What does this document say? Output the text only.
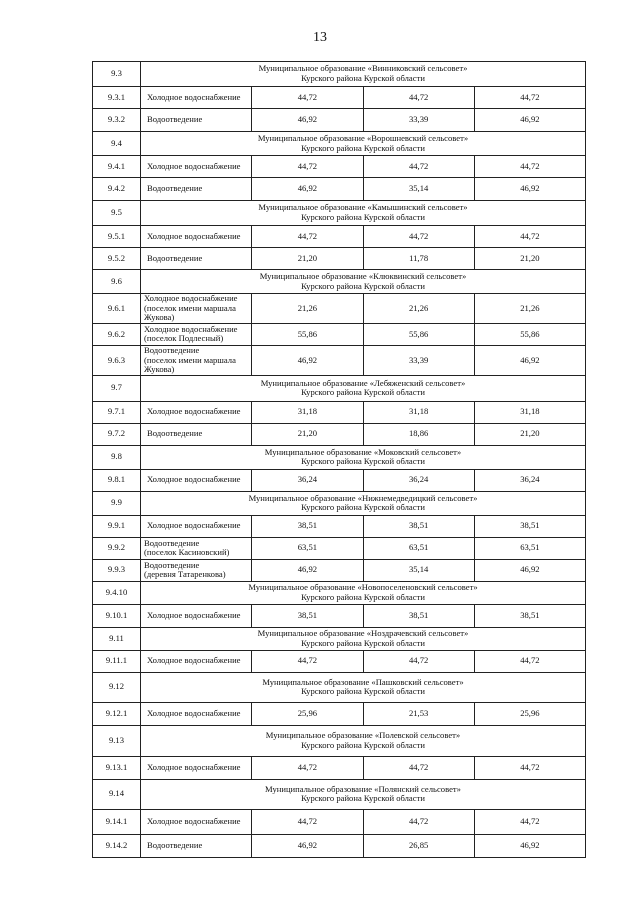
13
9.3	Муниципальное образование «Винниковский сельсовет»
Курского района Курской области			

9.3.1	Холодное водоснабжение	44,72	44,72	44,72
9.3.2	Водоотведение	46,92	33,39	46,92
9.4	Муниципальное образование «Ворошневский сельсовет»
Курского района Курской области			

9.4.1	Холодное водоснабжение	44,72	44,72	44,72
9.4.2	Водоотведение	46,92	35,14	46,92
9.5	Муниципальное образование «Камышинский сельсовет»
Курского района Курской области			

9.5.1	Холодное водоснабжение	44,72	44,72	44,72
9.5.2	Водоотведение	21,20	11,78	21,20
9.6	Муниципальное образование «Клюквинский сельсовет»
Курского района Курской области			

9.6.1	Холодное водоснабжение
(поселок имени маршала Жукова)	21,26	21,26	21,26
9.6.2	Холодное водоснабжение
(поселок Подлесный)	55,86	55,86	55,86
9.6.3	Водоотведение
(поселок имени маршала Жукова)	46,92	33,39	46,92
9.7	Муниципальное образование «Лебяженский сельсовет»
Курского района Курской области			

9.7.1	Холодное водоснабжение	31,18	31,18	31,18
9.7.2	Водоотведение	21,20	18,86	21,20
9.8	Муниципальное образование «Моковский сельсовет»
Курского района Курской области			

9.8.1	Холодное водоснабжение	36,24	36,24	36,24
9.9	Муниципальное образование «Нижнемедведицкий сельсовет»
Курского района Курской области			

9.9.1	Холодное водоснабжение	38,51	38,51	38,51
9.9.2	Водоотведение
(поселок Касиновский)	63,51	63,51	63,51
9.9.3	Водоотведение
(деревня Татаренкова)	46,92	35,14	46,92
9.4.10	Муниципальное образование «Новопоселеновский сельсовет»
Курского района Курской области			

9.10.1	Холодное водоснабжение	38,51	38,51	38,51
9.11	Муниципальное образование «Ноздрачевский сельсовет»
Курского района Курской области			

9.11.1	Холодное водоснабжение	44,72	44,72	44,72
9.12	Муниципальное образование «Пашковский сельсовет»
Курского района Курской области			

9.12.1	Холодное водоснабжение	25,96	21,53	25,96
9.13	Муниципальное образование «Полевской сельсовет»
Курского района Курской области			

9.13.1	Холодное водоснабжение	44,72	44,72	44,72
9.14	Муниципальное образование «Полянский сельсовет»
Курского района Курской области			

9.14.1	Холодное водоснабжение	44,72	44,72	44,72
9.14.2	Водоотведение	46,92	26,85	46,92
